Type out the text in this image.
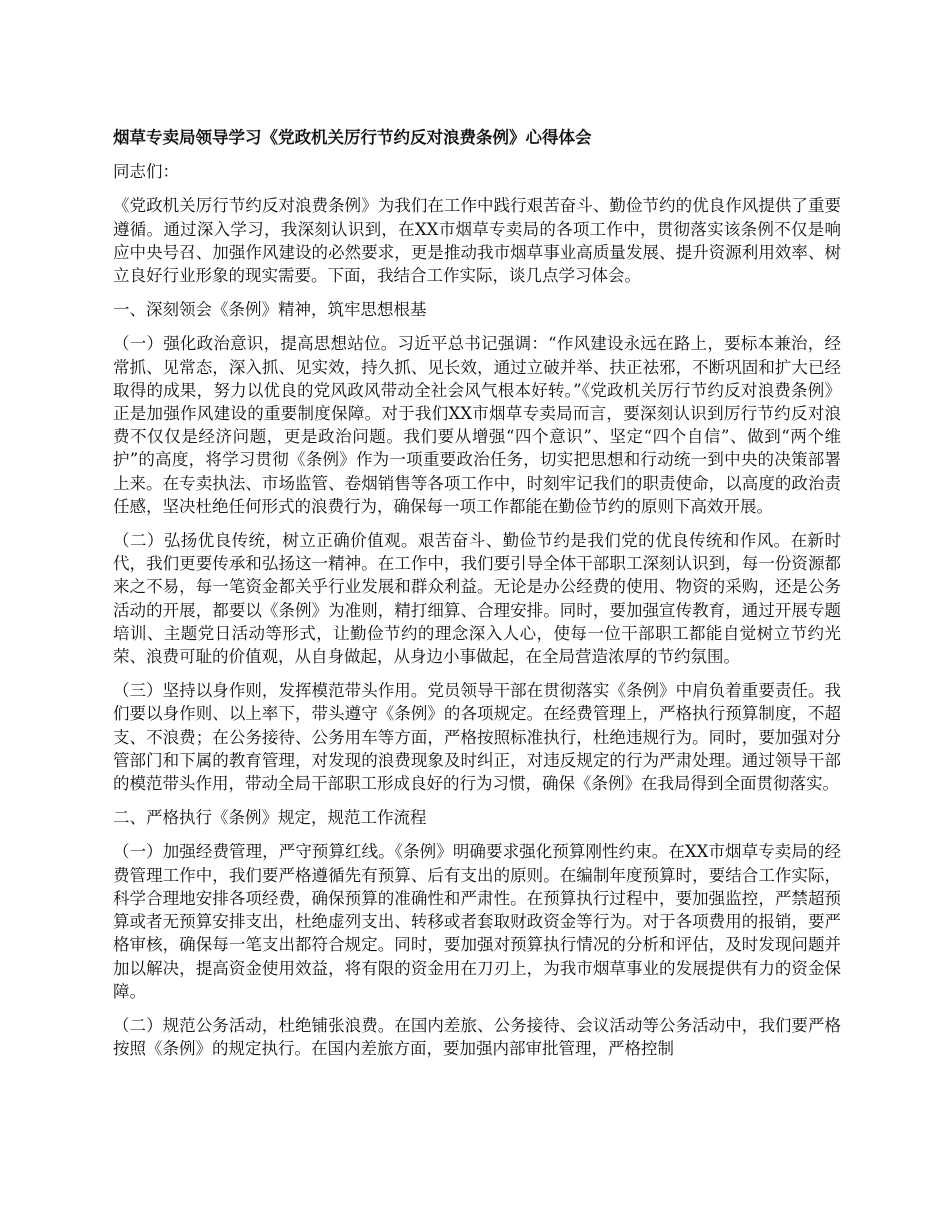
烟草专卖局领导学习《党政机关厉行节约反对浪费条例》心得体会
同志们：
《党政机关厉行节约反对浪费条例》为我们在工作中践行艰苦奋斗、勤俭节约的优良作风提供了重要遵循。通过深入学习，我深刻认识到，在XX市烟草专卖局的各项工作中，贯彻落实该条例不仅是响应中央号召、加强作风建设的必然要求，更是推动我市烟草事业高质量发展、提升资源利用效率、树立良好行业形象的现实需要。下面，我结合工作实际，谈几点学习体会。
一、深刻领会《条例》精神，筑牢思想根基
（一）强化政治意识，提高思想站位。习近平总书记强调：“作风建设永远在路上，要标本兼治，经常抓、见常态，深入抓、见实效，持久抓、见长效，通过立破并举、扶正祛邪，不断巩固和扩大已经取得的成果，努力以优良的党风政风带动全社会风气根本好转。”《党政机关厉行节约反对浪费条例》正是加强作风建设的重要制度保障。对于我们XX市烟草专卖局而言，要深刻认识到厉行节约反对浪费不仅仅是经济问题，更是政治问题。我们要从增强“四个意识”、坚定“四个自信”、做到“两个维护”的高度，将学习贯彻《条例》作为一项重要政治任务，切实把思想和行动统一到中央的决策部署上来。在专卖执法、市场监管、卷烟销售等各项工作中，时刻牢记我们的职责使命，以高度的政治责任感，坚决杜绝任何形式的浪费行为，确保每一项工作都能在勤俭节约的原则下高效开展。
（二）弘扬优良传统，树立正确价值观。艰苦奋斗、勤俭节约是我们党的优良传统和作风。在新时代，我们更要传承和弘扬这一精神。在工作中，我们要引导全体干部职工深刻认识到，每一份资源都来之不易，每一笔资金都关乎行业发展和群众利益。无论是办公经费的使用、物资的采购，还是公务活动的开展，都要以《条例》为准则，精打细算、合理安排。同时，要加强宣传教育，通过开展专题培训、主题党日活动等形式，让勤俭节约的理念深入人心，使每一位干部职工都能自觉树立节约光荣、浪费可耻的价值观，从自身做起，从身边小事做起，在全局营造浓厚的节约氛围。
（三）坚持以身作则，发挥模范带头作用。党员领导干部在贯彻落实《条例》中肩负着重要责任。我们要以身作则、以上率下，带头遵守《条例》的各项规定。在经费管理上，严格执行预算制度，不超支、不浪费；在公务接待、公务用车等方面，严格按照标准执行，杜绝违规行为。同时，要加强对分管部门和下属的教育管理，对发现的浪费现象及时纠正，对违反规定的行为严肃处理。通过领导干部的模范带头作用，带动全局干部职工形成良好的行为习惯，确保《条例》在我局得到全面贯彻落实。
二、严格执行《条例》规定，规范工作流程
（一）加强经费管理，严守预算红线。《条例》明确要求强化预算刚性约束。在XX市烟草专卖局的经费管理工作中，我们要严格遵循先有预算、后有支出的原则。在编制年度预算时，要结合工作实际，科学合理地安排各项经费，确保预算的准确性和严肃性。在预算执行过程中，要加强监控，严禁超预算或者无预算安排支出，杜绝虚列支出、转移或者套取财政资金等行为。对于各项费用的报销，要严格审核，确保每一笔支出都符合规定。同时，要加强对预算执行情况的分析和评估，及时发现问题并加以解决，提高资金使用效益，将有限的资金用在刀刃上，为我市烟草事业的发展提供有力的资金保障。
（二）规范公务活动，杜绝铺张浪费。在国内差旅、公务接待、会议活动等公务活动中，我们要严格按照《条例》的规定执行。在国内差旅方面，要加强内部审批管理，严格控制
